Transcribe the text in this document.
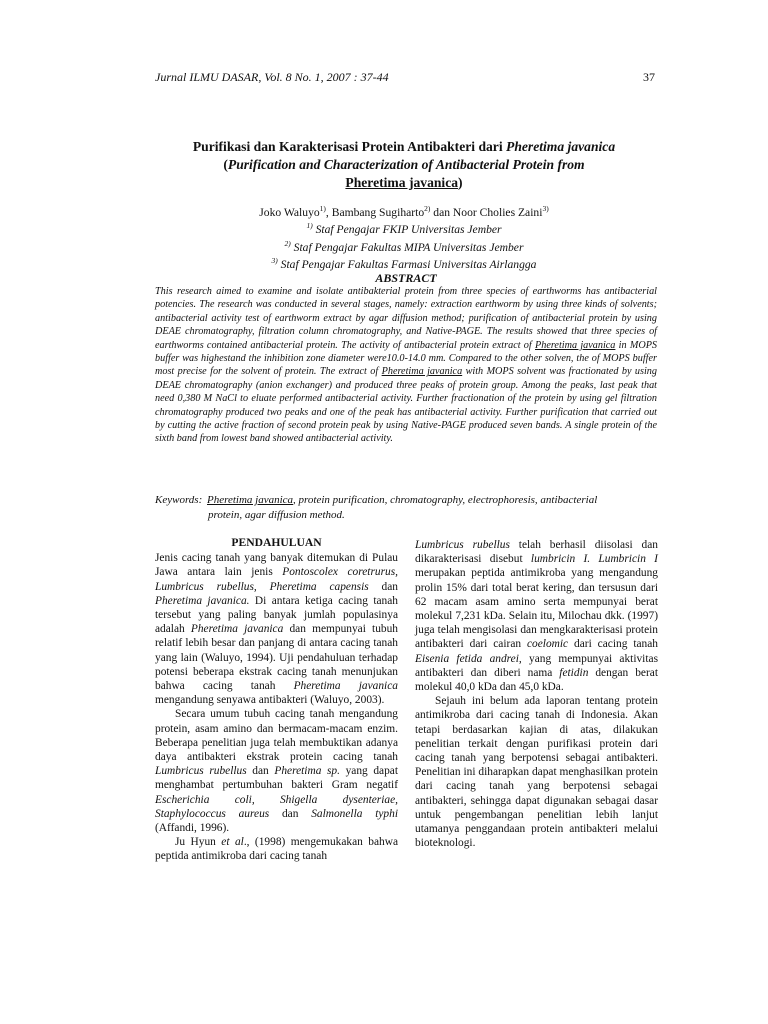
Jurnal ILMU DASAR, Vol. 8 No. 1, 2007 : 37-44	37
Purifikasi dan Karakterisasi Protein Antibakteri dari Pheretima javanica
(Purification and Characterization of Antibacterial Protein from
Pheretima javanica)
Joko Waluyo$^{1)}$, Bambang Sugiharto$^{2)}$ dan Noor Cholies Zaini$^{3)}$
$^{1)}$ Staf Pengajar FKIP Universitas Jember
$^{2)}$ Staf Pengajar Fakultas MIPA Universitas Jember
$^{3)}$ Staf Pengajar Fakultas Farmasi Universitas Airlangga
ABSTRACT

This research aimed to examine and isolate antibakterial protein from three species of earthworms has antibacterial potencies. The research was conducted in several stages, namely: extraction earthworm by using three kinds of solvents; antibacterial activity test of earthworm extract by agar diffusion method; purification of antibacterial protein by using DEAE chromatography, filtration column chromatography, and Native-PAGE. The results showed that three species of earthworms contained antibacterial protein. The activity of antibacterial protein extract of Pheretima javanica in MOPS buffer was highestand the inhibition zone diameter were10.0-14.0 mm. Compared to the other solven, the of MOPS buffer most precise for the solvent of protein. The extract of Pheretima javanica with MOPS solvent was fractionated by using DEAE chromatography (anion exchanger) and produced three peaks of protein group. Among the peaks, last peak that need 0,380 M NaCl to eluate performed antibacterial activity. Further fractionation of the protein by using gel filtration chromatography produced two peaks and one of the peak has antibacterial activity. Further purification that carried out by cutting the active fraction of second protein peak by using Native-PAGE produced seven bands. A single protein of the sixth band from lowest band showed antibacterial activity.

Keywords: Pheretima javanica, protein purification, chromatography, electrophoresis, antibacterial
protein, agar diffusion method.
PENDAHULUAN

Jenis cacing tanah yang banyak ditemukan di Pulau Jawa antara lain jenis Pontoscolex coretrurus, Lumbricus rubellus, Pheretima capensis dan Pheretima javanica. Di antara ketiga cacing tanah tersebut yang paling banyak jumlah populasinya adalah Pheretima javanica dan mempunyai tubuh relatif lebih besar dan panjang di antara cacing tanah yang lain (Waluyo, 1994). Uji pendahuluan terhadap potensi beberapa ekstrak cacing tanah menunjukan bahwa cacing tanah Pheretima javanica mengandung senyawa antibakteri (Waluyo, 2003).

Secara umum tubuh cacing tanah mengandung protein, asam amino dan bermacam-macam enzim. Beberapa penelitian juga telah membuktikan adanya daya antibakteri ekstrak protein cacing tanah Lumbricus rubellus dan Pheretima sp. yang dapat menghambat pertumbuhan bakteri Gram negatif Escherichia coli, Shigella dysenteriae, Staphylococcus aureus dan Salmonella typhi (Affandi, 1996).

Ju Hyun et al., (1998) mengemukakan bahwa peptida antimikroba dari cacing tanah

Lumbricus rubellus telah berhasil diisolasi dan dikarakterisasi disebut lumbricin I. Lumbricin I merupakan peptida antimikroba yang mengandung prolin 15% dari total berat kering, dan tersusun dari 62 macam asam amino serta mempunyai berat molekul 7,231 kDa. Selain itu, Milochau dkk. (1997) juga telah mengisolasi dan mengkarakterisasi protein antibakteri dari cairan coelomic dari cacing tanah Eisenia fetida andrei, yang mempunyai aktivitas antibakteri dan diberi nama fetidin dengan berat molekul 40,0 kDa dan 45,0 kDa.

Sejauh ini belum ada laporan tentang protein antimikroba dari cacing tanah di Indonesia. Akan tetapi berdasarkan kajian di atas, dilakukan penelitian terkait dengan purifikasi protein dari cacing tanah yang berpotensi sebagai antibakteri. Penelitian ini diharapkan dapat menghasilkan protein dari cacing tanah yang berpotensi sebagai antibakteri, sehingga dapat digunakan sebagai dasar untuk pengembangan penelitian lebih lanjut utamanya penggandaan protein antibakteri melalui bioteknologi.
